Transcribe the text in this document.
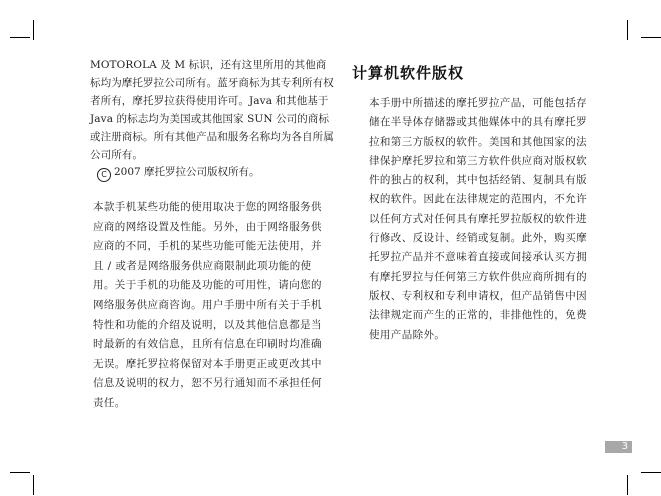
MOTOROLA 及 M 标识，还有这里所用的其他商标均为摩托罗拉公司所有。蓝牙商标为其专利所有权者所有，摩托罗拉获得使用许可。Java 和其他基于 Java 的标志均为美国或其他国家 SUN 公司的商标或注册商标。所有其他产品和服务名称均为各自所属公司所有。
C 2007 摩托罗拉公司版权所有。
本款手机某些功能的使用取决于您的网络服务供应商的网络设置及性能。另外，由于网络服务供应商的不同，手机的某些功能可能无法使用，并且 / 或者是网络服务供应商限制此项功能的使用。关于手机的功能及功能的可用性，请向您的网络服务供应商咨询。用户手册中所有关于手机特性和功能的介绍及说明，以及其他信息都是当时最新的有效信息，且所有信息在印刷时均准确无误。摩托罗拉将保留对本手册更正或更改其中信息及说明的权力，恕不另行通知而不承担任何责任。
计算机软件版权
本手册中所描述的摩托罗拉产品，可能包括存储在半导体存储器或其他媒体中的具有摩托罗拉和第三方版权的软件。美国和其他国家的法律保护摩托罗拉和第三方软件供应商对版权软件的独占的权利，其中包括经销、复制具有版权的软件。因此在法律规定的范围内，不允许以任何方式对任何具有摩托罗拉版权的软件进行修改、反设计、经销或复制。此外，购买摩托罗拉产品并不意味着直接或间接承认买方拥有摩托罗拉与任何第三方软件供应商所拥有的版权、专利权和专利申请权，但产品销售中因法律规定而产生的正常的，非排他性的，免费使用产品除外。
3
